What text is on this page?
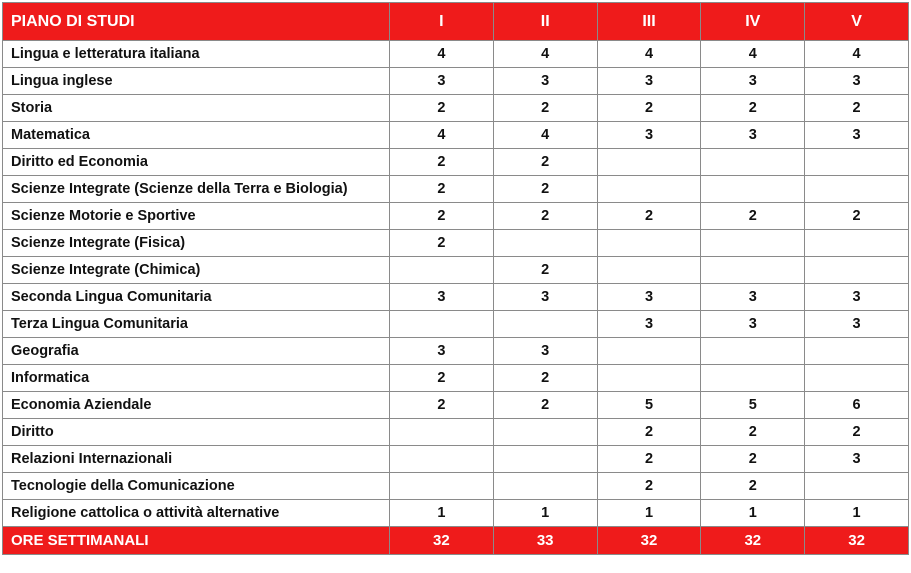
PIANO DI STUDI	I	II	III	IV	V
Lingua e letteratura italiana	4	4	4	4	4
Lingua inglese	3	3	3	3	3
Storia	2	2	2	2	2
Matematica	4	4	3	3	3
Diritto ed Economia	2	2			
Scienze Integrate (Scienze della Terra e Biologia)	2	2			
Scienze Motorie e Sportive	2	2	2	2	2
Scienze Integrate (Fisica)	2				
Scienze Integrate (Chimica)		2			
Seconda Lingua Comunitaria	3	3	3	3	3
Terza Lingua Comunitaria			3	3	3
Geografia	3	3			
Informatica	2	2			
Economia Aziendale	2	2	5	5	6
Diritto			2	2	2
Relazioni Internazionali			2	2	3
Tecnologie della Comunicazione			2	2	
Religione cattolica o attività alternative	1	1	1	1	1
ORE SETTIMANALI	32	33	32	32	32
